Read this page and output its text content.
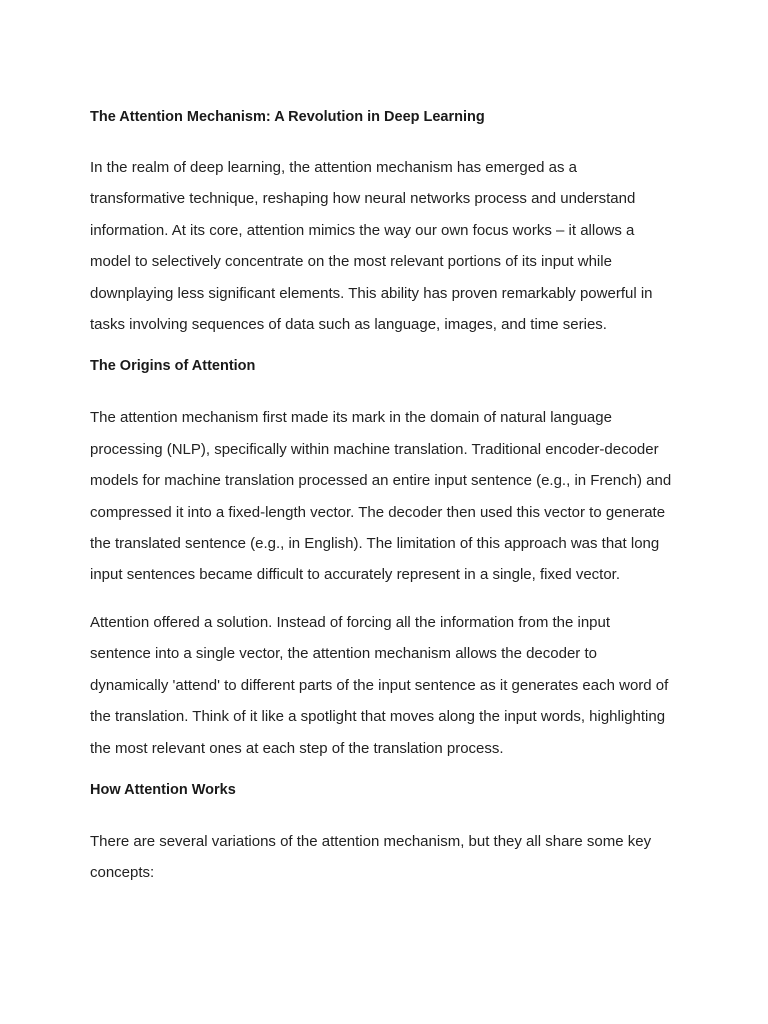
The Attention Mechanism: A Revolution in Deep Learning
In the realm of deep learning, the attention mechanism has emerged as a
transformative technique, reshaping how neural networks process and understand
information. At its core, attention mimics the way our own focus works – it allows a
model to selectively concentrate on the most relevant portions of its input while
downplaying less significant elements. This ability has proven remarkably powerful in
tasks involving sequences of data such as language, images, and time series.
The Origins of Attention
The attention mechanism first made its mark in the domain of natural language
processing (NLP), specifically within machine translation. Traditional encoder-decoder
models for machine translation processed an entire input sentence (e.g., in French) and
compressed it into a fixed-length vector. The decoder then used this vector to generate
the translated sentence (e.g., in English). The limitation of this approach was that long
input sentences became difficult to accurately represent in a single, fixed vector.
Attention offered a solution. Instead of forcing all the information from the input
sentence into a single vector, the attention mechanism allows the decoder to
dynamically 'attend' to different parts of the input sentence as it generates each word of
the translation. Think of it like a spotlight that moves along the input words, highlighting
the most relevant ones at each step of the translation process.
How Attention Works
There are several variations of the attention mechanism, but they all share some key
concepts:
